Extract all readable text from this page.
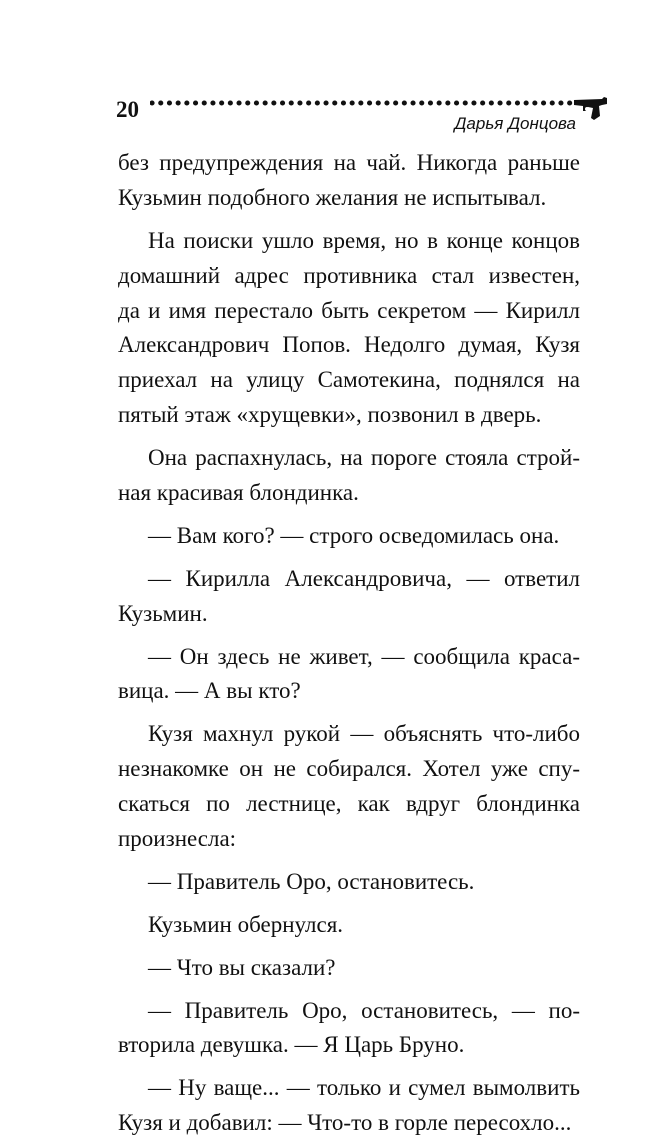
20
Дарья Донцова
без предупреждения на чай. Никогда раньше
Кузьмин подобного желания не испытывал.
На поиски ушло время, но в конце концов
домашний адрес противника стал известен,
да и имя перестало быть секретом — Кирилл
Александрович Попов. Недолго думая, Кузя
приехал на улицу Самотекина, поднялся на
пятый этаж «хрущевки», позвонил в дверь.
Она распахнулась, на пороге стояла строй-
ная красивая блондинка.
— Вам кого? — строго осведомилась она.
— Кирилла Александровича, — ответил
Кузьмин.
— Он здесь не живет, — сообщила краса-
вица. — А вы кто?
Кузя махнул рукой — объяснять что-либо
незнакомке он не собирался. Хотел уже спу-
скаться по лестнице, как вдруг блондинка
произнесла:
— Правитель Оро, остановитесь.
Кузьмин обернулся.
— Что вы сказали?
— Правитель Оро, остановитесь, — по-
вторила девушка. — Я Царь Бруно.
— Ну ваще... — только и сумел вымолвить
Кузя и добавил: — Что-то в горле пересохло...
